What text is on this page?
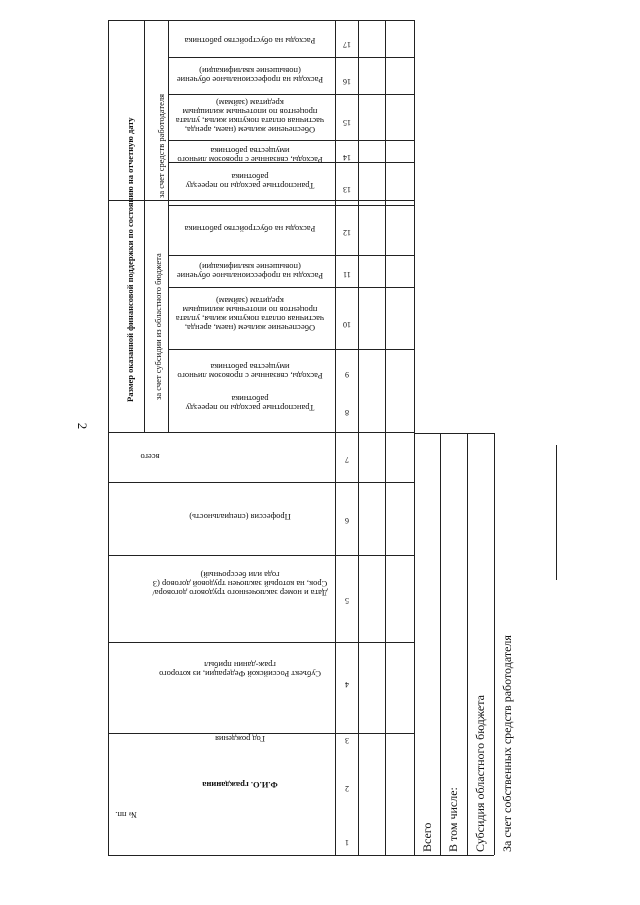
Размер оказанной финансовой поддержки по состоянию на отчетную дату за счет субсидии из областного бюджета
за счет средств работодателя
№ пп.
Ф.И.О. гражданина
Год рождения
Субъект Российской Федерации, из которого граж-данин прибыл
Дата и номер заключенного трудового договора/ Срок, на который заключен трудовой договор (3 года или бессрочный)
Профессия (специальность)
всего
Транспортные расходы по переезду работника
Расходы, связанные с провозом личного имущества работника
Обеспечение жильем (наем, аренда, частичная оплата покупки жилья, уплата процентов по ипотечным жилищным кредитам (займам)
Расходы на профессиональное обучение (повышение квалификации)
Расходы на обустройство работника
Транспортные расходы по переезду работника
Расходы, связанные с провозом личного имущества работника
Обеспечение жильем (наем, аренда, частичная оплата покупки жилья, уплата процентов по ипотечным жилищным кредитам (займам)
Расходы на профессиональное обучение (повышение квалификации)
Расходы на обустройство работника
1
2
3
4
5
6
7
8
9
10
11
12
13
14
15
16
17
Всего В том числе: Субсидия областного бюджета За счет собственных средств работодателя
2
